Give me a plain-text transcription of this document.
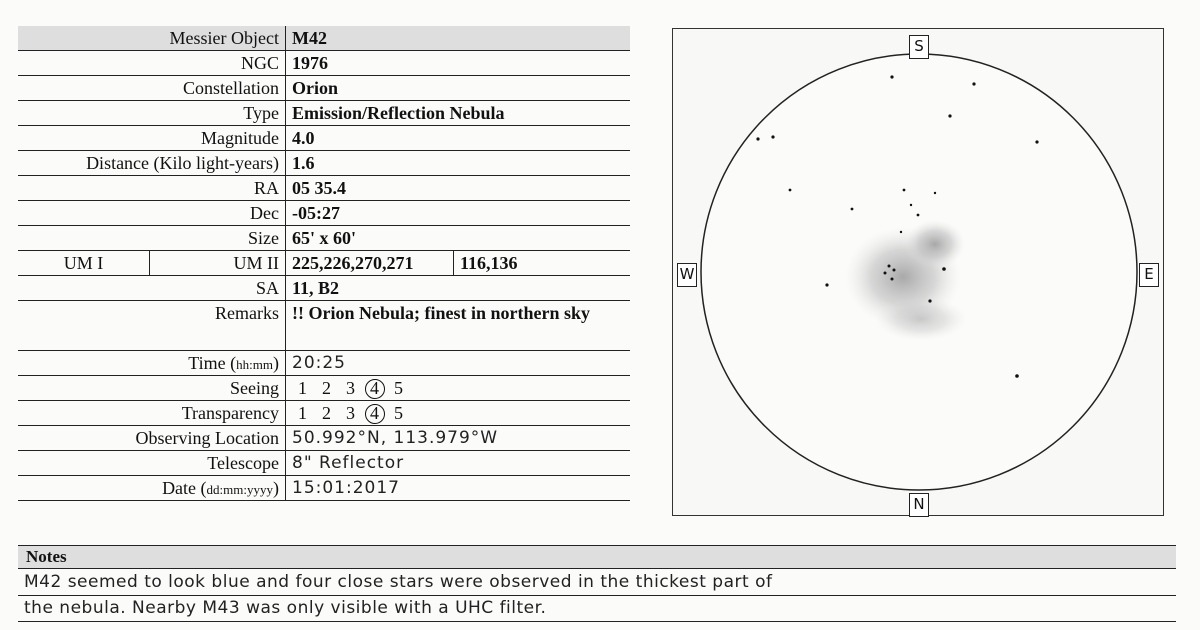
Messier Object M42
NGC 1976
Constellation Orion
Type Emission/Reflection Nebula
Magnitude 4.0
Distance (Kilo light-years) 1.6
RA 05 35.4
Dec -05:27
Size 65' x 60'
UM I	UM II 225,226,270,271	116,136
SA 11, B2
Remarks !! Orion Nebula; finest in northern sky
Time (hh:mm) 20:25
Seeing	1 2 3 4 5
Transparency	1 2 3 4 5
Observing Location 50.992°N, 113.979°W
Telescope 8" Reflector
Date (dd:mm:yyyy) 15:01:2017
S
N
W	E
Notes
M42 seemed to look blue and four close stars were observed in the thickest part of
the nebula. Nearby M43 was only visible with a UHC filter.
